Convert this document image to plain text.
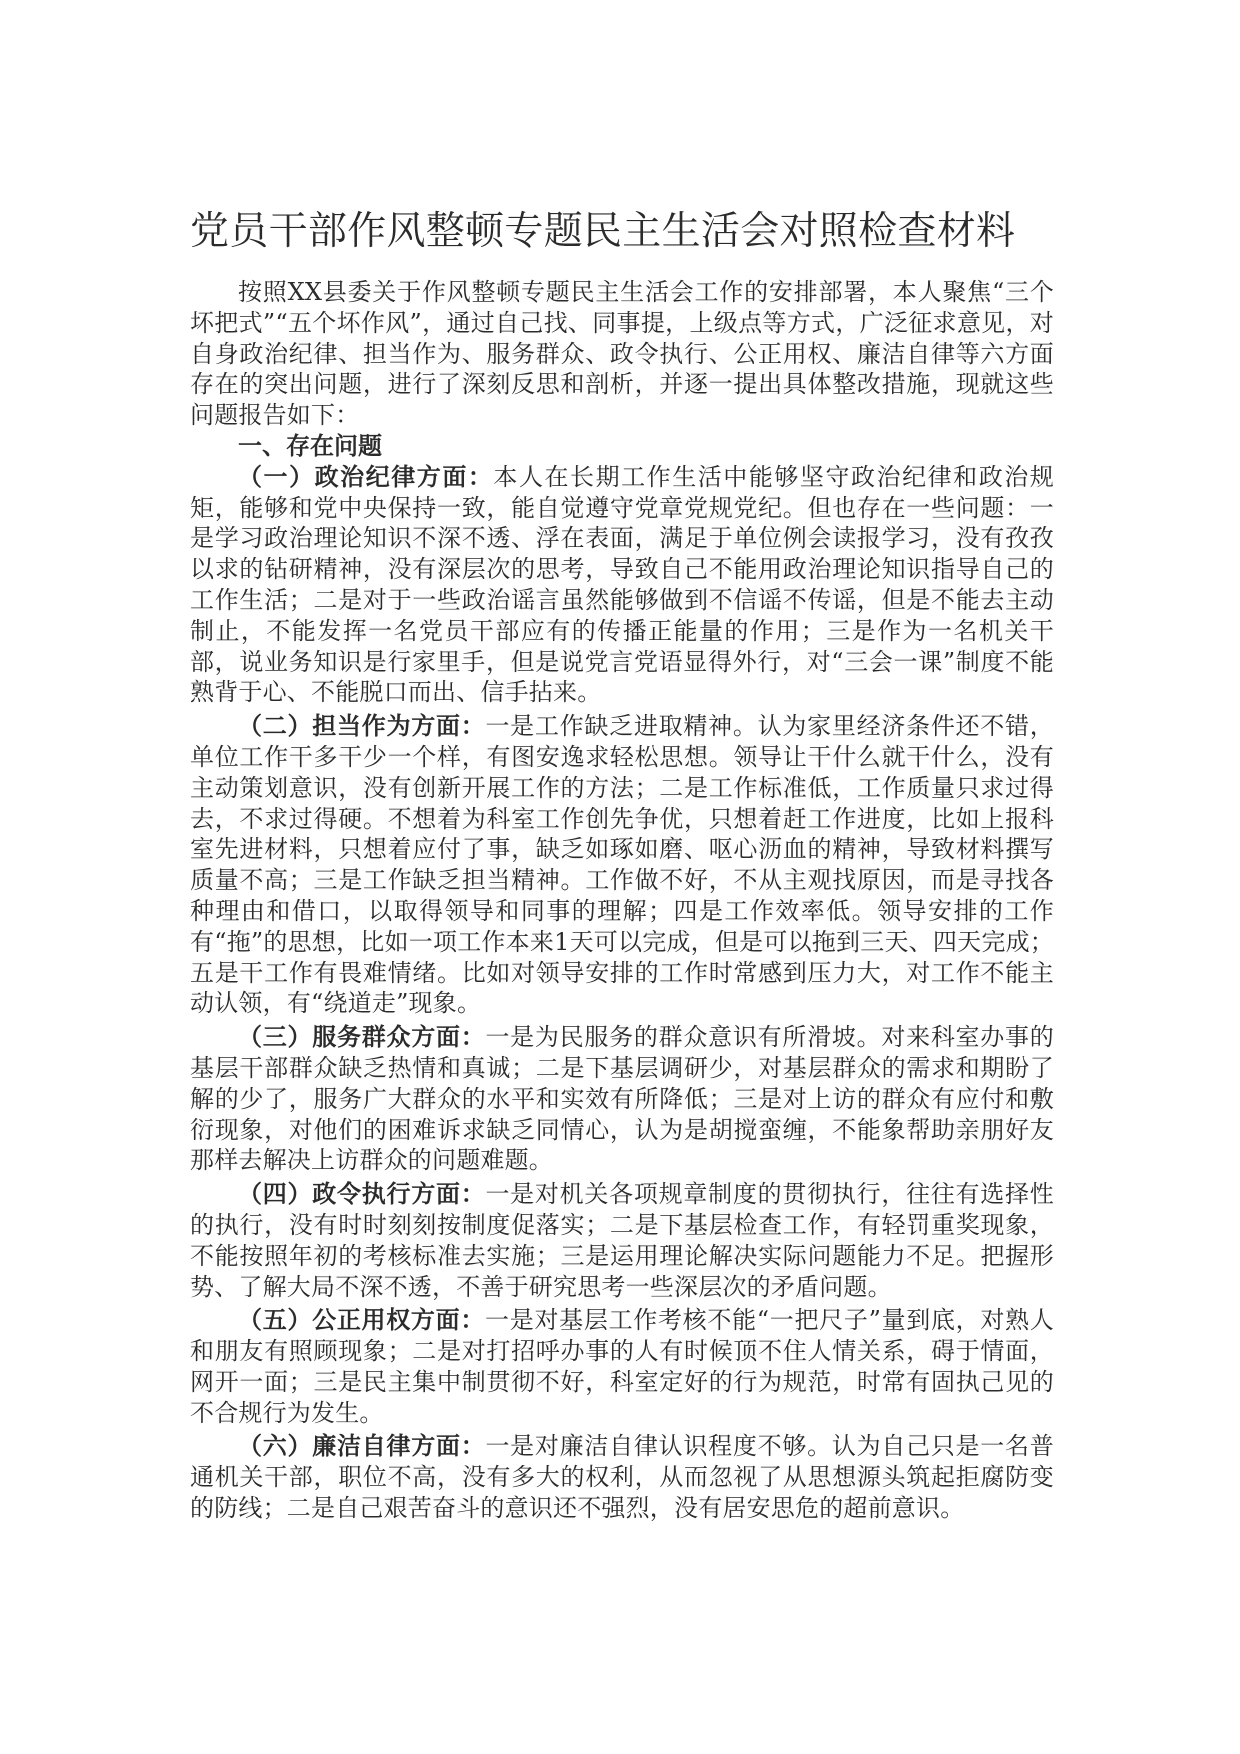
党员干部作风整顿专题民主生活会对照检查材料

按照XX县委关于作风整顿专题民主生活会工作的安排部署，本人聚焦“三个坏把式”“五个坏作风”，通过自己找、同事提，上级点等方式，广泛征求意见，对自身政治纪律、担当作为、服务群众、政令执行、公正用权、廉洁自律等六方面存在的突出问题，进行了深刻反思和剖析，并逐一提出具体整改措施，现就这些问题报告如下：

一、存在问题

（一）政治纪律方面：本人在长期工作生活中能够坚守政治纪律和政治规矩，能够和党中央保持一致，能自觉遵守党章党规党纪。但也存在一些问题：一是学习政治理论知识不深不透、浮在表面，满足于单位例会读报学习，没有孜孜以求的钻研精神，没有深层次的思考，导致自己不能用政治理论知识指导自己的工作生活；二是对于一些政治谣言虽然能够做到不信谣不传谣，但是不能去主动制止，不能发挥一名党员干部应有的传播正能量的作用；三是作为一名机关干部，说业务知识是行家里手，但是说党言党语显得外行，对“三会一课”制度不能熟背于心、不能脱口而出、信手拈来。

（二）担当作为方面：一是工作缺乏进取精神。认为家里经济条件还不错，单位工作干多干少一个样，有图安逸求轻松思想。领导让干什么就干什么，没有主动策划意识，没有创新开展工作的方法；二是工作标准低，工作质量只求过得去，不求过得硬。不想着为科室工作创先争优，只想着赶工作进度，比如上报科室先进材料，只想着应付了事，缺乏如琢如磨、呕心沥血的精神，导致材料撰写质量不高；三是工作缺乏担当精神。工作做不好，不从主观找原因，而是寻找各种理由和借口，以取得领导和同事的理解；四是工作效率低。领导安排的工作有“拖”的思想，比如一项工作本来1天可以完成，但是可以拖到三天、四天完成；五是干工作有畏难情绪。比如对领导安排的工作时常感到压力大，对工作不能主动认领，有“绕道走”现象。

（三）服务群众方面：一是为民服务的群众意识有所滑坡。对来科室办事的基层干部群众缺乏热情和真诚；二是下基层调研少，对基层群众的需求和期盼了解的少了，服务广大群众的水平和实效有所降低；三是对上访的群众有应付和敷衍现象，对他们的困难诉求缺乏同情心，认为是胡搅蛮缠，不能象帮助亲朋好友那样去解决上访群众的问题难题。

（四）政令执行方面：一是对机关各项规章制度的贯彻执行，往往有选择性的执行，没有时时刻刻按制度促落实；二是下基层检查工作，有轻罚重奖现象，不能按照年初的考核标准去实施；三是运用理论解决实际问题能力不足。把握形势、了解大局不深不透，不善于研究思考一些深层次的矛盾问题。

（五）公正用权方面：一是对基层工作考核不能“一把尺子”量到底，对熟人和朋友有照顾现象；二是对打招呼办事的人有时候顶不住人情关系，碍于情面，网开一面；三是民主集中制贯彻不好，科室定好的行为规范，时常有固执己见的不合规行为发生。

（六）廉洁自律方面：一是对廉洁自律认识程度不够。认为自己只是一名普通机关干部，职位不高，没有多大的权利，从而忽视了从思想源头筑起拒腐防变的防线；二是自己艰苦奋斗的意识还不强烈，没有居安思危的超前意识。
